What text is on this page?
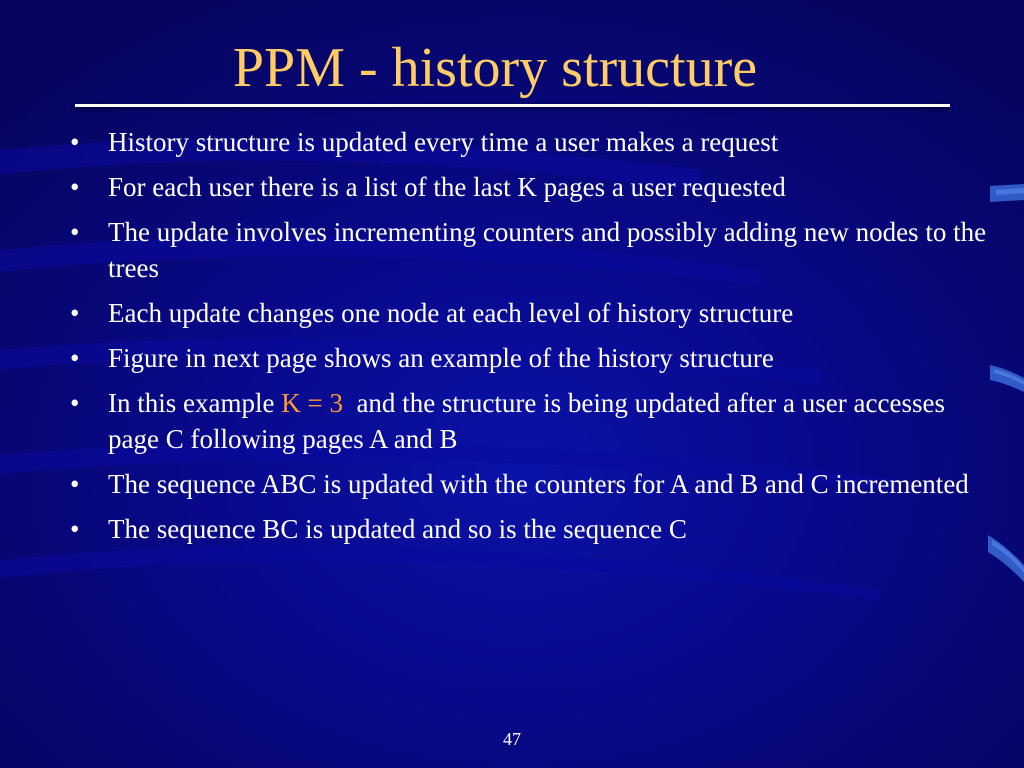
PPM - history structure
•	History structure is updated every time a user makes a request
•	For each user there is a list of the last K pages a user requested
•	The update involves incrementing counters and possibly adding new nodes to the trees
•	Each update changes one node at each level of history structure
•	Figure in next page shows an example of the history structure
•	In this example K = 3  and the structure is being updated after a user accesses page C following pages A and B
•	The sequence ABC is updated with the counters for A and B and C incremented
•	The sequence BC is updated and so is the sequence C
47
